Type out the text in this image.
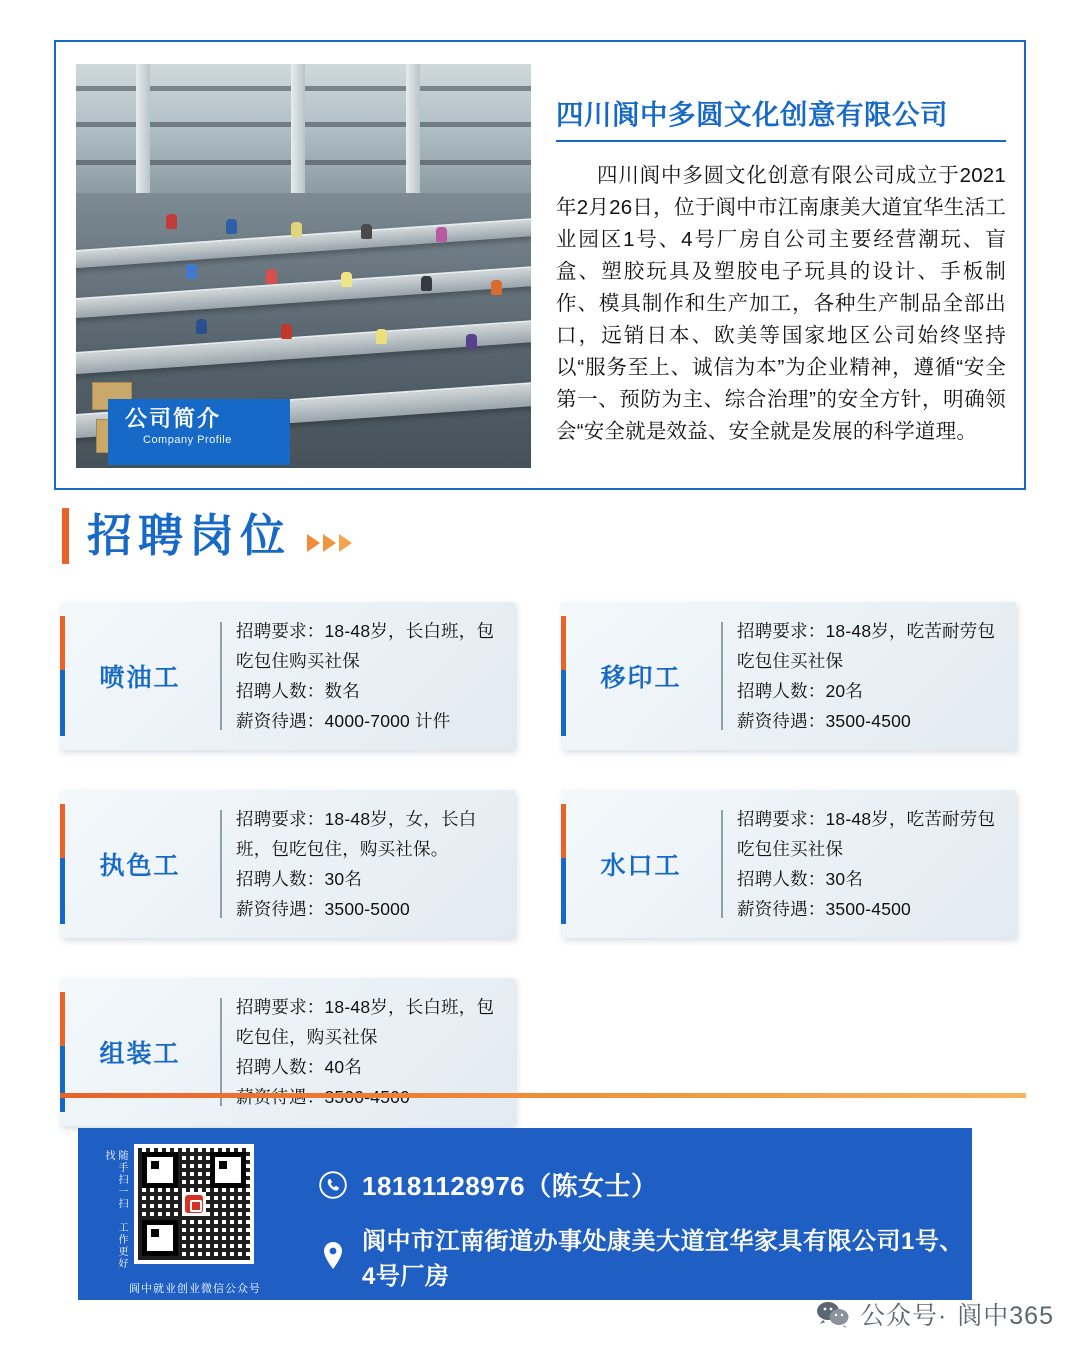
公司简介
Company Profile
四川阆中多圆文化创意有限公司
四川阆中多圆文化创意有限公司成立于2021年2月26日，位于阆中市江南康美大道宜华生活工业园区1号、4号厂房自公司主要经营潮玩、盲盒、塑胶玩具及塑胶电子玩具的设计、手板制作、模具制作和生产加工，各种生产制品全部出口，远销日本、欧美等国家地区公司始终坚持以“服务至上、诚信为本”为企业精神，遵循“安全第一、预防为主、综合治理”的安全方针，明确领会“安全就是效益、安全就是发展的科学道理。
招聘岗位
喷油工
招聘要求：18-48岁，长白班，包吃包住购买社保
招聘人数：数名
薪资待遇：4000-7000 计件
移印工
招聘要求：18-48岁，吃苦耐劳包吃包住买社保
招聘人数：20名
薪资待遇：3500-4500
执色工
招聘要求：18-48岁，女，长白班，包吃包住，购买社保。
招聘人数：30名
薪资待遇：3500-5000
水口工
招聘要求：18-48岁，吃苦耐劳包吃包住买社保
招聘人数：30名
薪资待遇：3500-4500
组装工
招聘要求：18-48岁，长白班，包吃包住，购买社保
招聘人数：40名
随手扫一扫　工作更好找
阆中就业创业微信公众号
18181128976（陈女士）
阆中市江南街道办事处康美大道宜华家具有限公司1号、4号厂房
公众号· 阆中365
